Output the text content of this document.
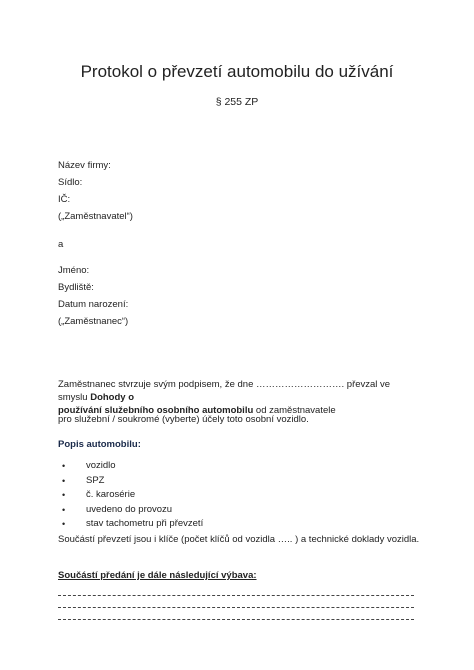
Protokol o převzetí automobilu do užívání
§ 255 ZP
Název firmy:
Sídlo:
IČ:
(„Zaměstnavatel“)
a
Jméno:
Bydliště:
Datum narození:
(„Zaměstnanec“)
Zaměstnanec stvrzuje svým podpisem, že dne ………………………. převzal ve smyslu Dohody o
používání služebního osobního automobilu od zaměstnavatele
pro služební / soukromé (vyberte) účely toto osobní vozidlo.
Popis automobilu:
• vozidlo
• SPZ
• č. karosérie
• uvedeno do provozu
• stav tachometru při převzetí
Součástí převzetí jsou i klíče (počet klíčů od vozidla ….. ) a technické doklady vozidla.
Součástí předání je dále následující výbava:
